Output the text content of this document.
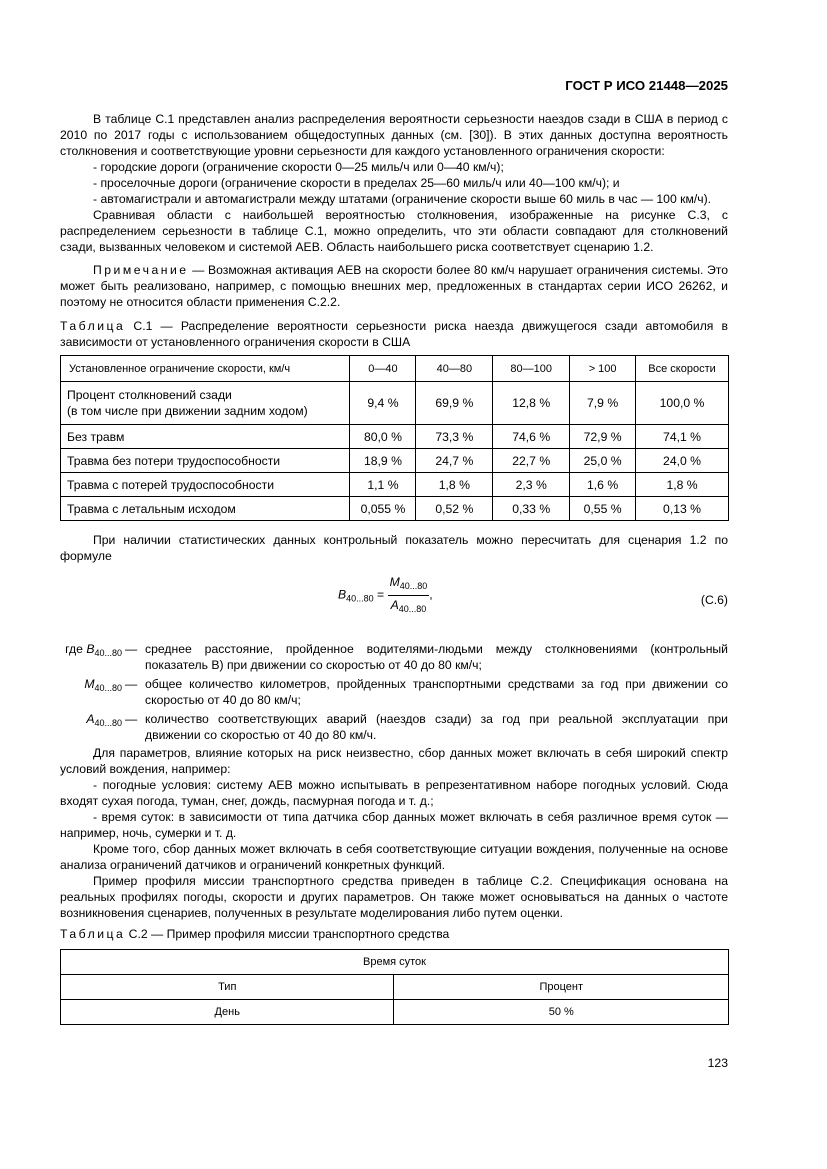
ГОСТ Р ИСО 21448—2025

В таблице С.1 представлен анализ распределения вероятности серьезности наездов сзади в США в период с 2010 по 2017 годы с использованием общедоступных данных (см. [30]). В этих данных доступна вероятность столкновения и соответствующие уровни серьезности для каждого установленного ограничения скорости:

- городские дороги (ограничение скорости 0—25 миль/ч или 0—40 км/ч);

- проселочные дороги (ограничение скорости в пределах 25—60 миль/ч или 40—100 км/ч); и

- автомагистрали и автомагистрали между штатами (ограничение скорости выше 60 миль в час — 100 км/ч).

Сравнивая области с наибольшей вероятностью столкновения, изображенные на рисунке С.3, с распределением серьезности в таблице С.1, можно определить, что эти области совпадают для столкновений сзади, вызванных человеком и системой АЕВ. Область наибольшего риска соответствует сценарию 1.2.

Примечание — Возможная активация АЕВ на скорости более 80 км/ч нарушает ограничения системы. Это может быть реализовано, например, с помощью внешних мер, предложенных в стандартах серии ИСО 26262, и поэтому не относится области применения С.2.2.

Таблица С.1 — Распределение вероятности серьезности риска наезда движущегося сзади автомобиля в зависимости от установленного ограничения скорости в США
Установленное ограничение скорости, км/ч	0—40	40—80	80—100	> 100	Все скорости
Процент столкновений сзади
(в том числе при движении задним ходом)	9,4 %	69,9 %	12,8 %	7,9 %	100,0 %
Без травм	80,0 %	73,3 %	74,6 %	72,9 %	74,1 %
Травма без потери трудоспособности	18,9 %	24,7 %	22,7 %	25,0 %	24,0 %
Травма с потерей трудоспособности	1,1 %	1,8 %	2,3 %	1,6 %	1,8 %
Травма с летальным исходом	0,055 %	0,52 %	0,33 %	0,55 %	0,13 %

При наличии статистических данных контрольный показатель можно пересчитать для сценария 1.2 по формуле

$B_{40...80} = \frac{M_{40...80}}{A_{40...80}}$ ,	(С.6)
где $B_{40...80}$ — среднее расстояние, пройденное водителями-людьми между столкновениями (контрольный показатель B) при движении со скоростью от 40 до 80 км/ч;
$M_{40...80}$ — общее количество километров, пройденных транспортными средствами за год при движении со скоростью от 40 до 80 км/ч;
$A_{40...80}$ — количество соответствующих аварий (наездов сзади) за год при реальной эксплуатации при движении со скоростью от 40 до 80 км/ч.

Для параметров, влияние которых на риск неизвестно, сбор данных может включать в себя широкий спектр условий вождения, например:

- погодные условия: систему АЕВ можно испытывать в репрезентативном наборе погодных условий. Сюда входят сухая погода, туман, снег, дождь, пасмурная погода и т. д.;

- время суток: в зависимости от типа датчика сбор данных может включать в себя различное время суток — например, ночь, сумерки и т. д.

Кроме того, сбор данных может включать в себя соответствующие ситуации вождения, полученные на основе анализа ограничений датчиков и ограничений конкретных функций.

Пример профиля миссии транспортного средства приведен в таблице С.2. Спецификация основана на реальных профилях погоды, скорости и других параметров. Он также может основываться на данных о частоте возникновения сценариев, полученных в результате моделирования либо путем оценки.

Таблица С.2 — Пример профиля миссии транспортного средства
Время суток	
Тип	Процент
День	50 %
123
